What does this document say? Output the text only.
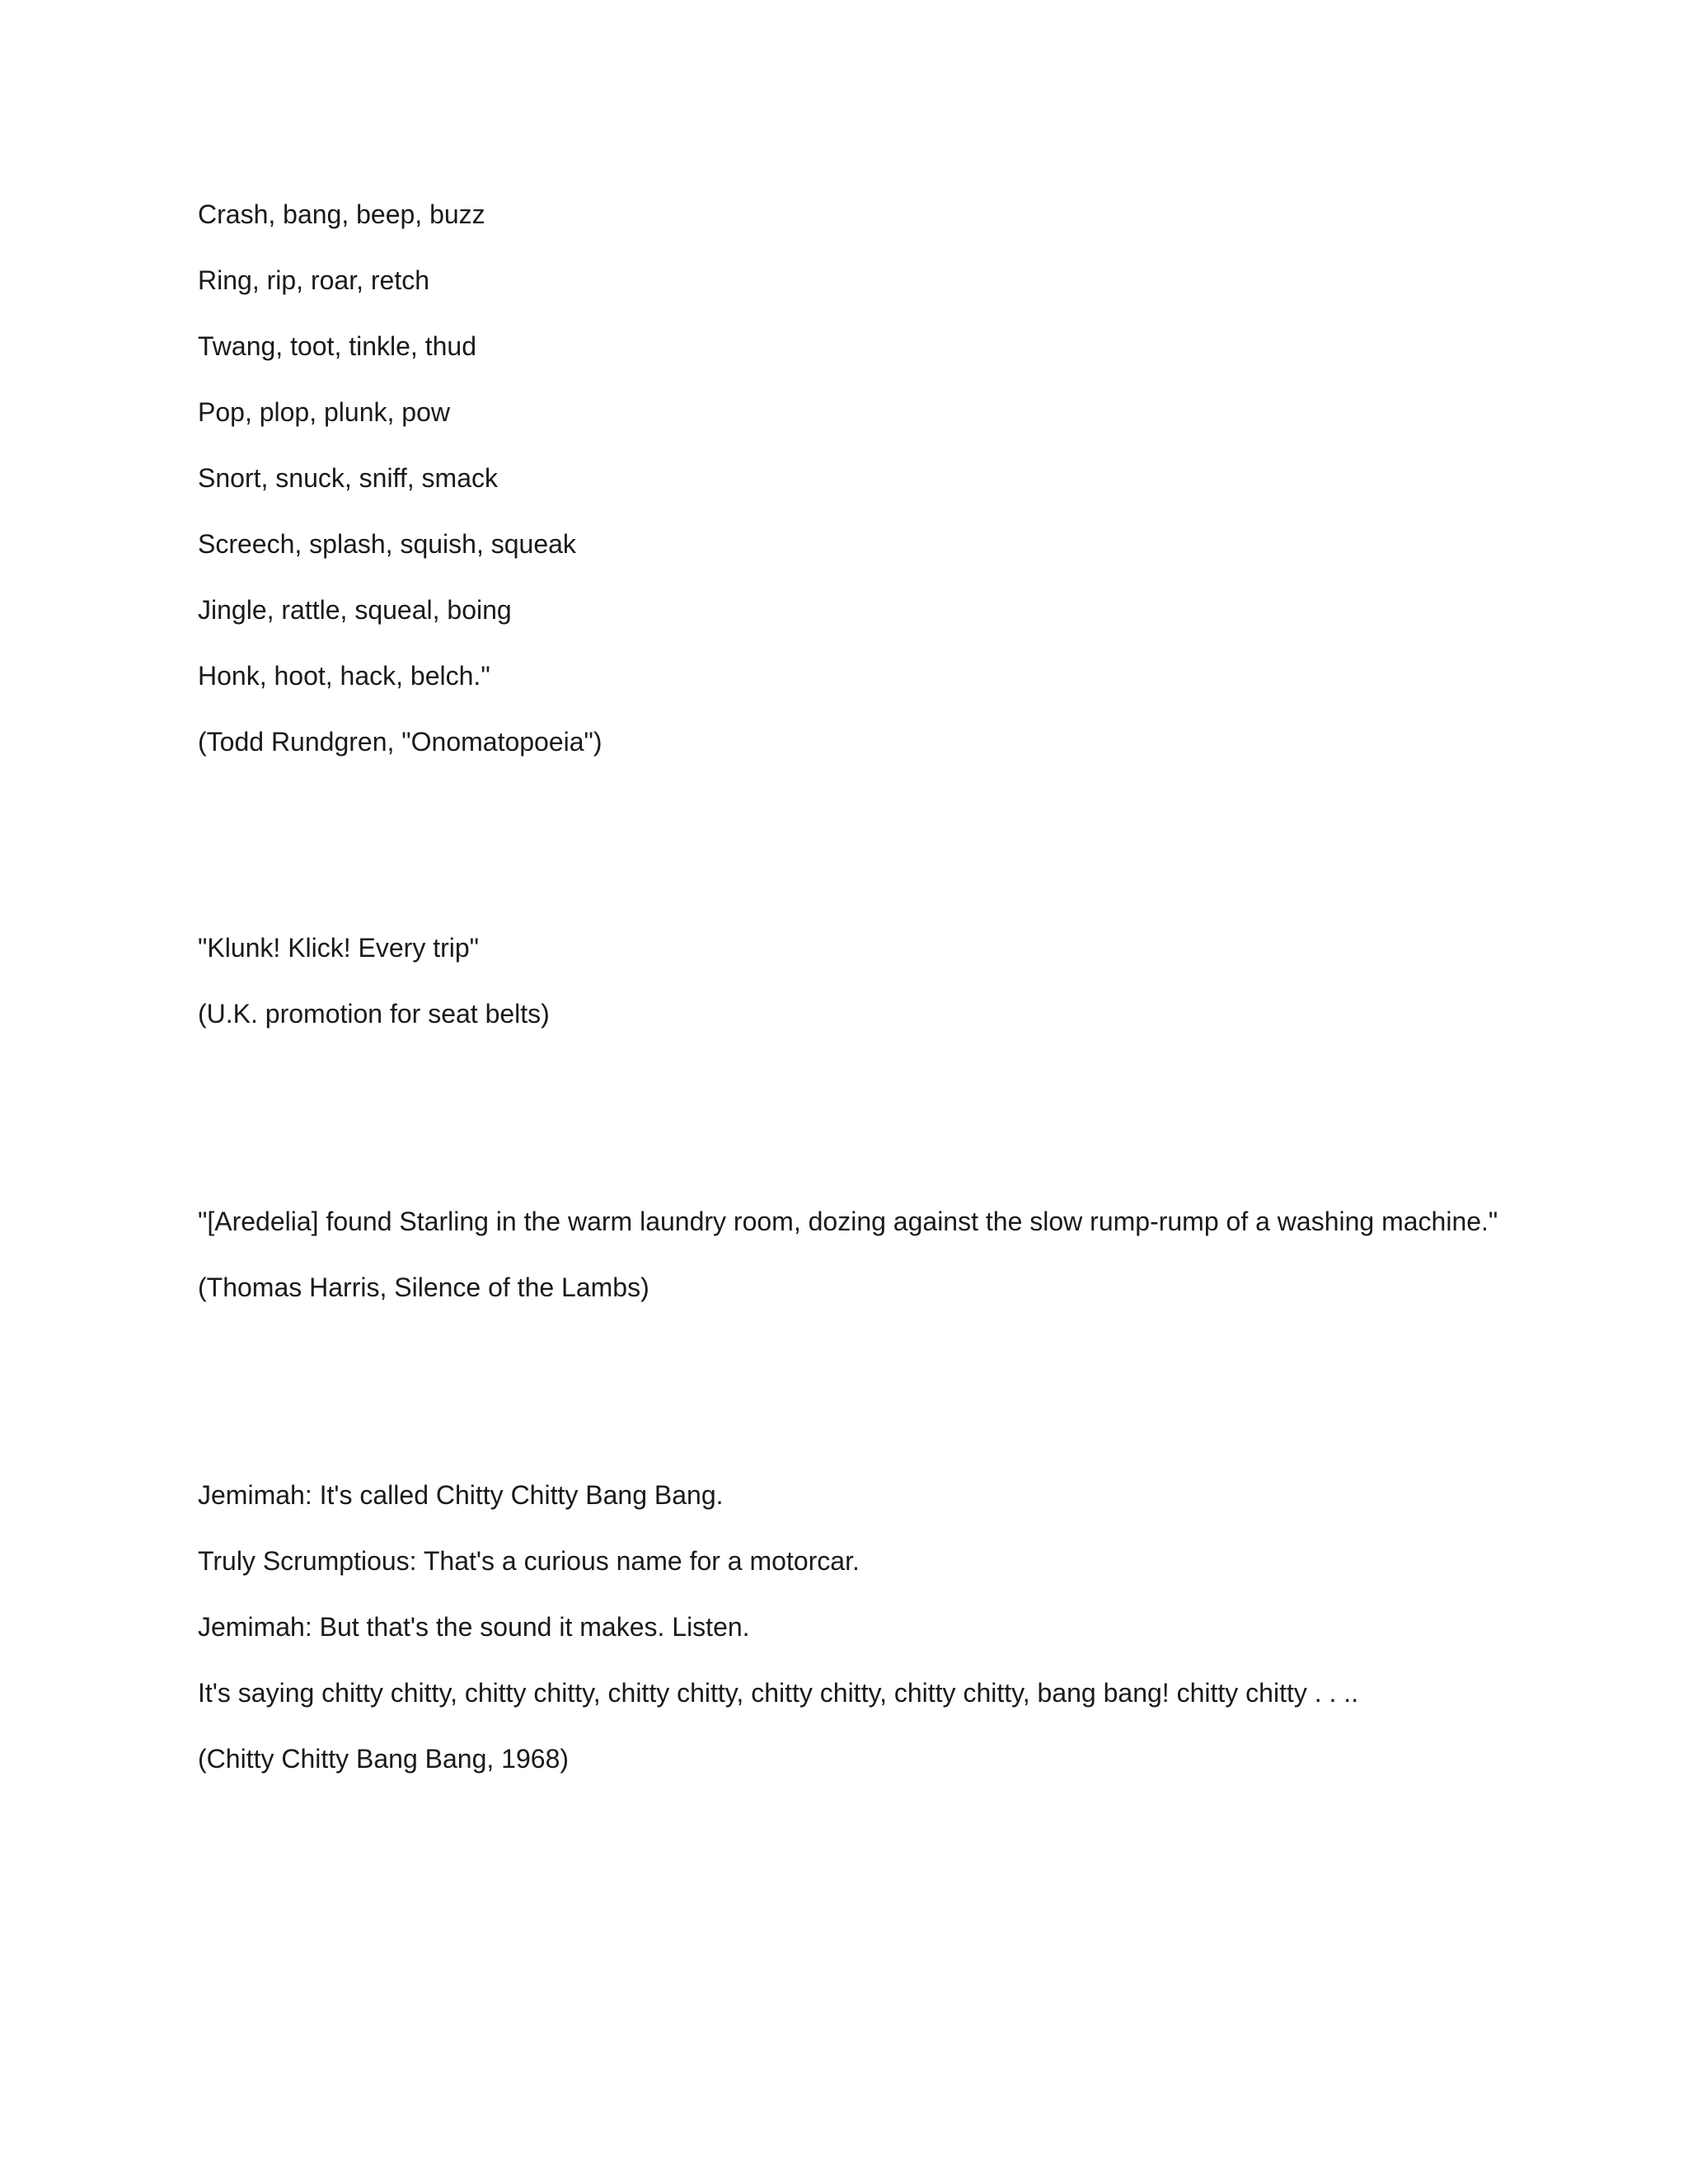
Crash, bang, beep, buzz
Ring, rip, roar, retch
Twang, toot, tinkle, thud
Pop, plop, plunk, pow
Snort, snuck, sniff, smack
Screech, splash, squish, squeak
Jingle, rattle, squeal, boing
Honk, hoot, hack, belch."
(Todd Rundgren, "Onomatopoeia")
"Klunk! Klick! Every trip"
(U.K. promotion for seat belts)
"[Aredelia] found Starling in the warm laundry room, dozing against the slow rump-rump of a washing machine."
(Thomas Harris, Silence of the Lambs)
Jemimah: It's called Chitty Chitty Bang Bang.
Truly Scrumptious: That's a curious name for a motorcar.
Jemimah: But that's the sound it makes. Listen.
It's saying chitty chitty, chitty chitty, chitty chitty, chitty chitty, chitty chitty, bang bang! chitty chitty . . ..
(Chitty Chitty Bang Bang, 1968)
